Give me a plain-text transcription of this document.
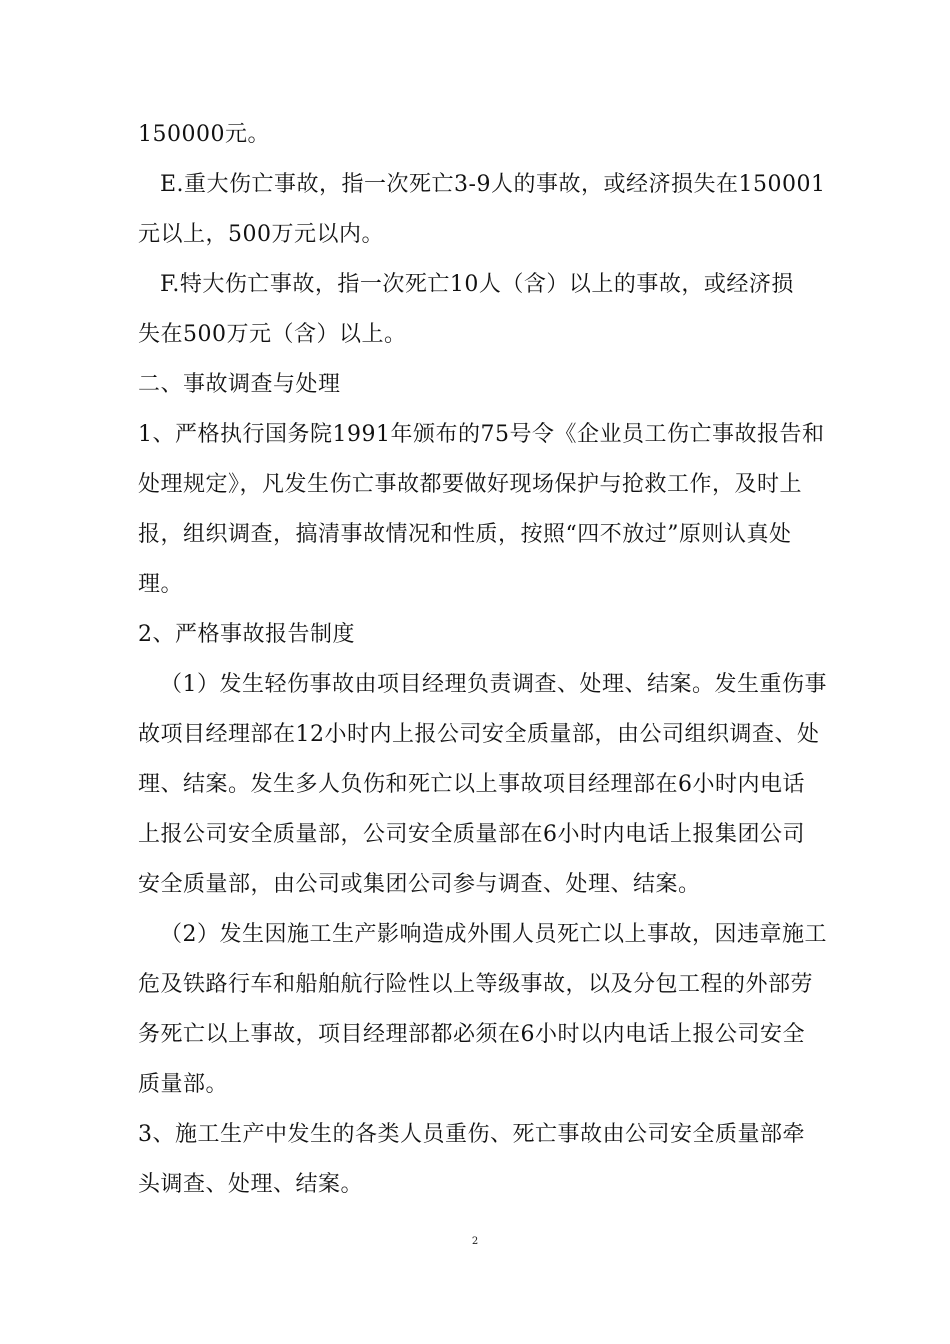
150000元。
E.重大伤亡事故，指一次死亡3-9人的事故，或经济损失在150001
元以上，500万元以内。
F.特大伤亡事故，指一次死亡10人（含）以上的事故，或经济损
失在500万元（含）以上。
二、事故调查与处理
1、严格执行国务院1991年颁布的75号令《企业员工伤亡事故报告和
处理规定》，凡发生伤亡事故都要做好现场保护与抢救工作，及时上
报，组织调查，搞清事故情况和性质，按照“四不放过”原则认真处
理。
2、严格事故报告制度
（1）发生轻伤事故由项目经理负责调查、处理、结案。发生重伤事
故项目经理部在12小时内上报公司安全质量部，由公司组织调查、处
理、结案。发生多人负伤和死亡以上事故项目经理部在6小时内电话
上报公司安全质量部，公司安全质量部在6小时内电话上报集团公司
安全质量部，由公司或集团公司参与调查、处理、结案。
（2）发生因施工生产影响造成外围人员死亡以上事故，因违章施工
危及铁路行车和船舶航行险性以上等级事故，以及分包工程的外部劳
务死亡以上事故，项目经理部都必须在6小时以内电话上报公司安全
质量部。
3、施工生产中发生的各类人员重伤、死亡事故由公司安全质量部牵
头调查、处理、结案。
2
